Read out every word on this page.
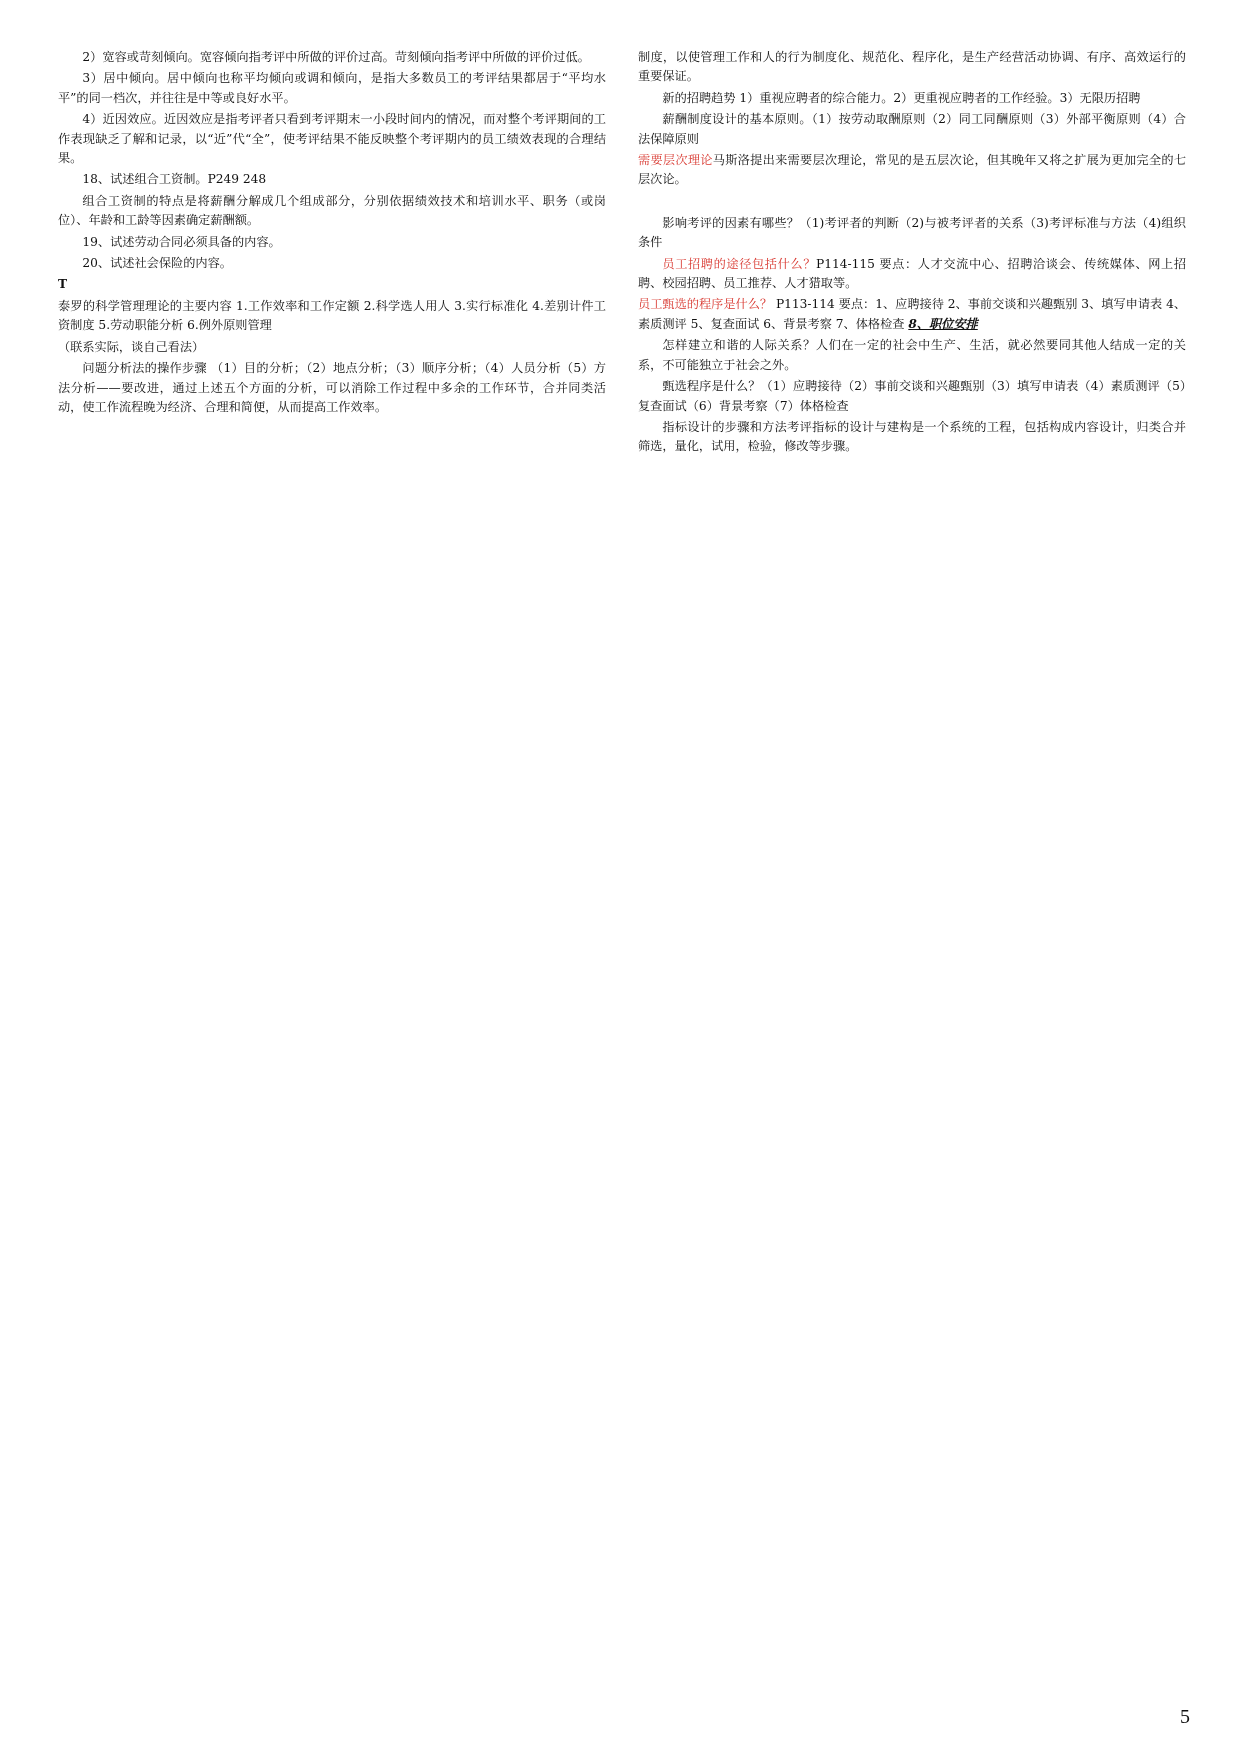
2）宽容或苛刻倾向。宽容倾向指考评中所做的评价过高。苛刻倾向指考评中所做的评价过低。
3）居中倾向。居中倾向也称平均倾向或调和倾向，是指大多数员工的考评结果都居于“平均水平”的同一档次，并往往是中等或良好水平。
4）近因效应。近因效应是指考评者只看到考评期末一小段时间内的情况，而对整个考评期间的工作表现缺乏了解和记录，以“近”代“全”，使考评结果不能反映整个考评期内的员工绩效表现的合理结果。
18、试述组合工资制。P249 248
组合工资制的特点是将薪酬分解成几个组成部分，分别依据绩效技术和培训水平、职务（或岗位）、年龄和工龄等因素确定薪酬额。
19、试述劳动合同必须具备的内容。
20、试述社会保险的内容。
T
泰罗的科学管理理论的主要内容 1.工作效率和工作定额 2.科学选人用人 3.实行标准化 4.差别计件工资制度 5.劳动职能分析 6.例外原则管理
（联系实际，谈自己看法）
问题分析法的操作步骤 （1）目的分析；（2）地点分析；（3）顺序分析；（4）人员分析（5）方法分析——要改进，通过上述五个方面的分析，可以消除工作过程中多余的工作环节，合并同类活动，使工作流程晚为经济、合理和简便，从而提高工作效率。
制度，以使管理工作和人的行为制度化、规范化、程序化，是生产经营活动协调、有序、高效运行的重要保证。
新的招聘趋势 1）重视应聘者的综合能力。2）更重视应聘者的工作经验。3）无限历招聘
薪酬制度设计的基本原则。（1）按劳动取酬原则（2）同工同酬原则（3）外部平衡原则（4）合法保障原则
需要层次理论马斯洛提出来需要层次理论，常见的是五层次论，但其晚年又将之扩展为更加完全的七层次论。
影响考评的因素有哪些？（1)考评者的判断（2)与被考评者的关系（3)考评标准与方法（4)组织条件
员工招聘的途径包括什么？P114-115 要点：人才交流中心、招聘洽谈会、传统媒体、网上招聘、校园招聘、员工推荐、人才猎取等。
员工甄选的程序是什么？ P113-114 要点：1、应聘接待 2、事前交谈和兴趣甄别 3、填写申请表 4、素质测评 5、复查面试 6、背景考察 7、体格检查 8、职位安排
怎样建立和谐的人际关系？人们在一定的社会中生产、生活，就必然要同其他人结成一定的关系，不可能独立于社会之外。
甄选程序是什么？（1）应聘接待（2）事前交谈和兴趣甄别（3）填写申请表（4）素质测评（5）复查面试（6）背景考察（7）体格检查
指标设计的步骤和方法考评指标的设计与建构是一个系统的工程，包括构成内容设计，归类合并筛选，量化，试用，检验，修改等步骤。
5
